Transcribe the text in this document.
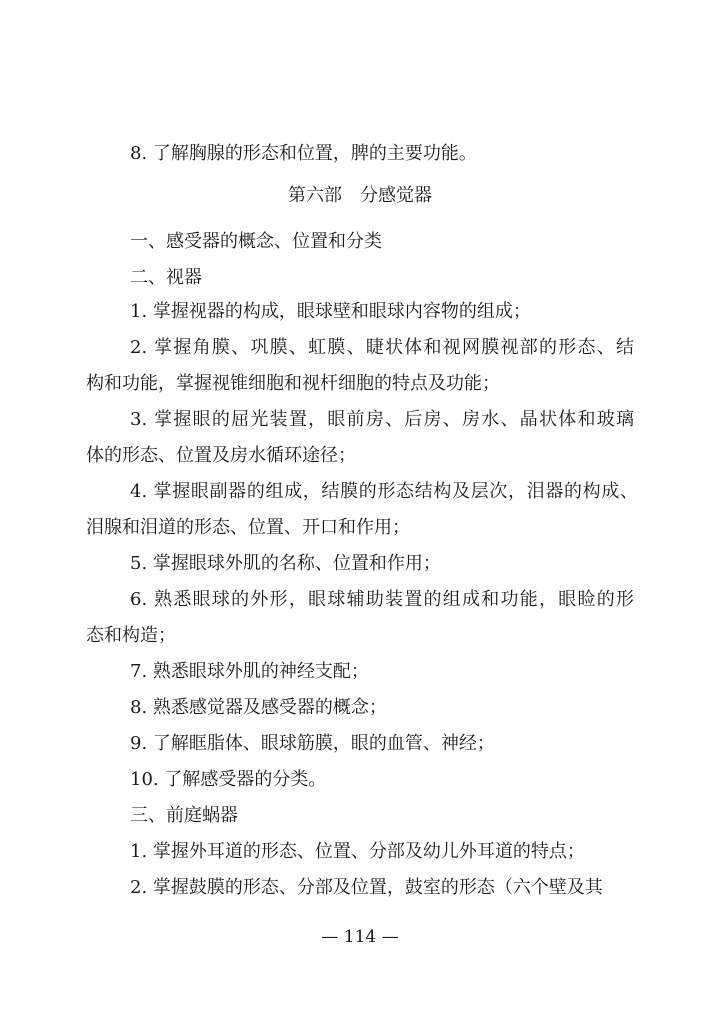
8. 了解胸腺的形态和位置，脾的主要功能。
第六部　分感觉器
一、感受器的概念、位置和分类
二、视器
1. 掌握视器的构成，眼球壁和眼球内容物的组成；
2. 掌握角膜、巩膜、虹膜、睫状体和视网膜视部的形态、结
构和功能，掌握视锥细胞和视杆细胞的特点及功能；
3. 掌握眼的屈光装置，眼前房、后房、房水、晶状体和玻璃
体的形态、位置及房水循环途径；
4. 掌握眼副器的组成，结膜的形态结构及层次，泪器的构成、
泪腺和泪道的形态、位置、开口和作用；
5. 掌握眼球外肌的名称、位置和作用；
6. 熟悉眼球的外形，眼球辅助装置的组成和功能，眼睑的形
态和构造；
7. 熟悉眼球外肌的神经支配；
8. 熟悉感觉器及感受器的概念；
9. 了解眶脂体、眼球筋膜，眼的血管、神经；
10. 了解感受器的分类。
三、前庭蜗器
1. 掌握外耳道的形态、位置、分部及幼儿外耳道的特点；
2. 掌握鼓膜的形态、分部及位置，鼓室的形态（六个壁及其
— 114 —
